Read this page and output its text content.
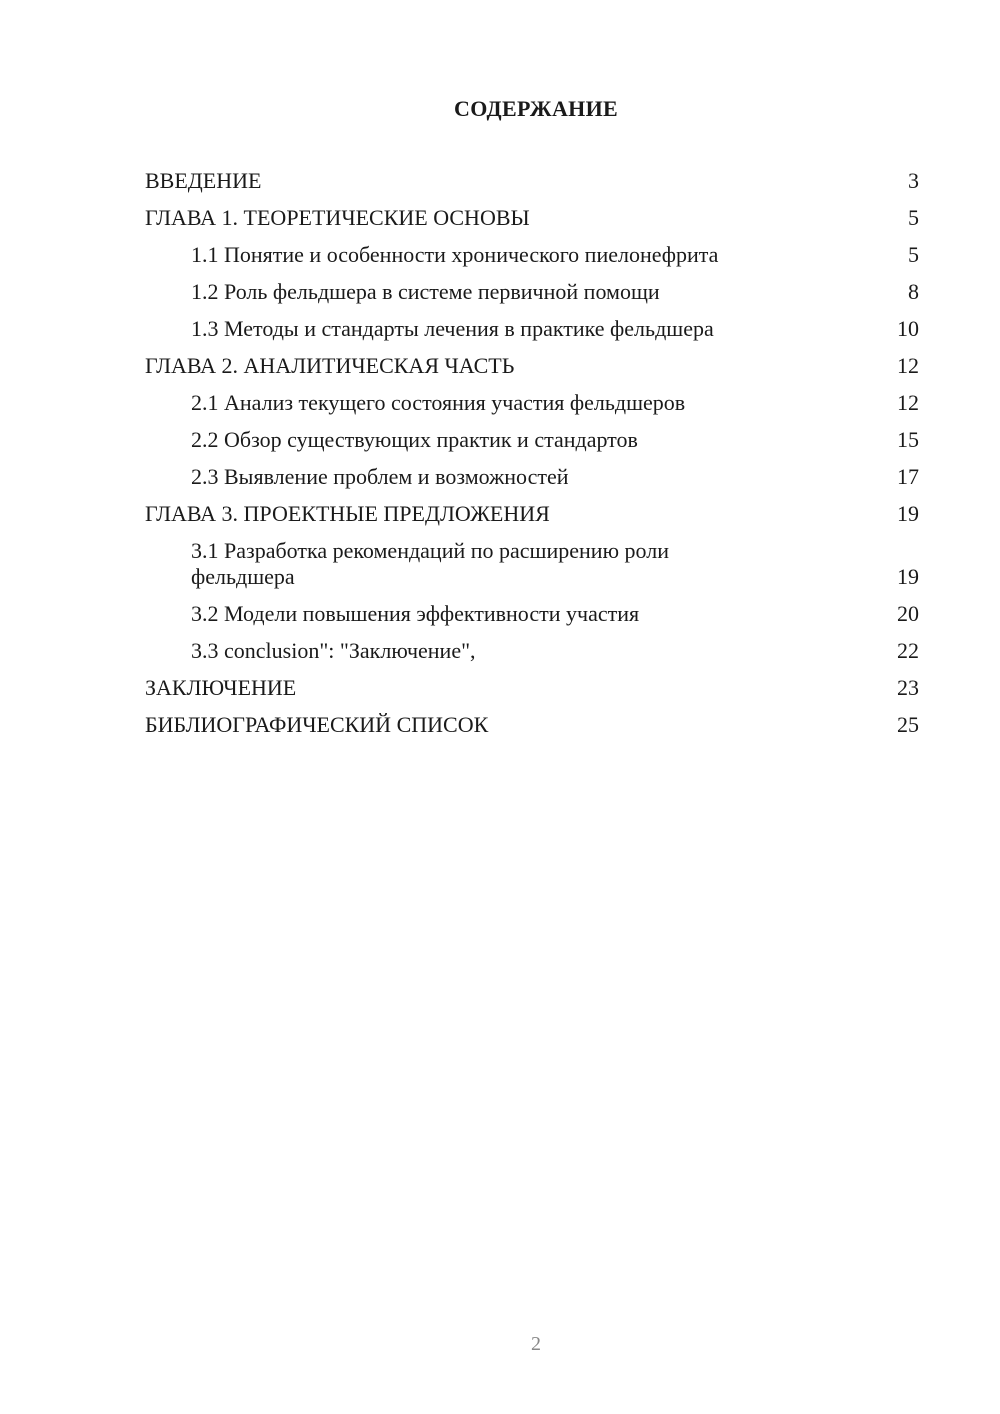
СОДЕРЖАНИЕ
ВВЕДЕНИЕ	3
ГЛАВА 1. ТЕОРЕТИЧЕСКИЕ ОСНОВЫ	5
1.1 Понятие и особенности хронического пиелонефрита	5
1.2 Роль фельдшера в системе первичной помощи	8
1.3 Методы и стандарты лечения в практике фельдшера	10
ГЛАВА 2. АНАЛИТИЧЕСКАЯ ЧАСТЬ	12
2.1 Анализ текущего состояния участия фельдшеров	12
2.2 Обзор существующих практик и стандартов	15
2.3 Выявление проблем и возможностей	17
ГЛАВА 3. ПРОЕКТНЫЕ ПРЕДЛОЖЕНИЯ	19
3.1 Разработка рекомендаций по расширению роли фельдшера	19
3.2 Модели повышения эффективности участия	20
3.3 conclusion": "Заключение",	22
ЗАКЛЮЧЕНИЕ	23
БИБЛИОГРАФИЧЕСКИЙ СПИСОК	25
2
